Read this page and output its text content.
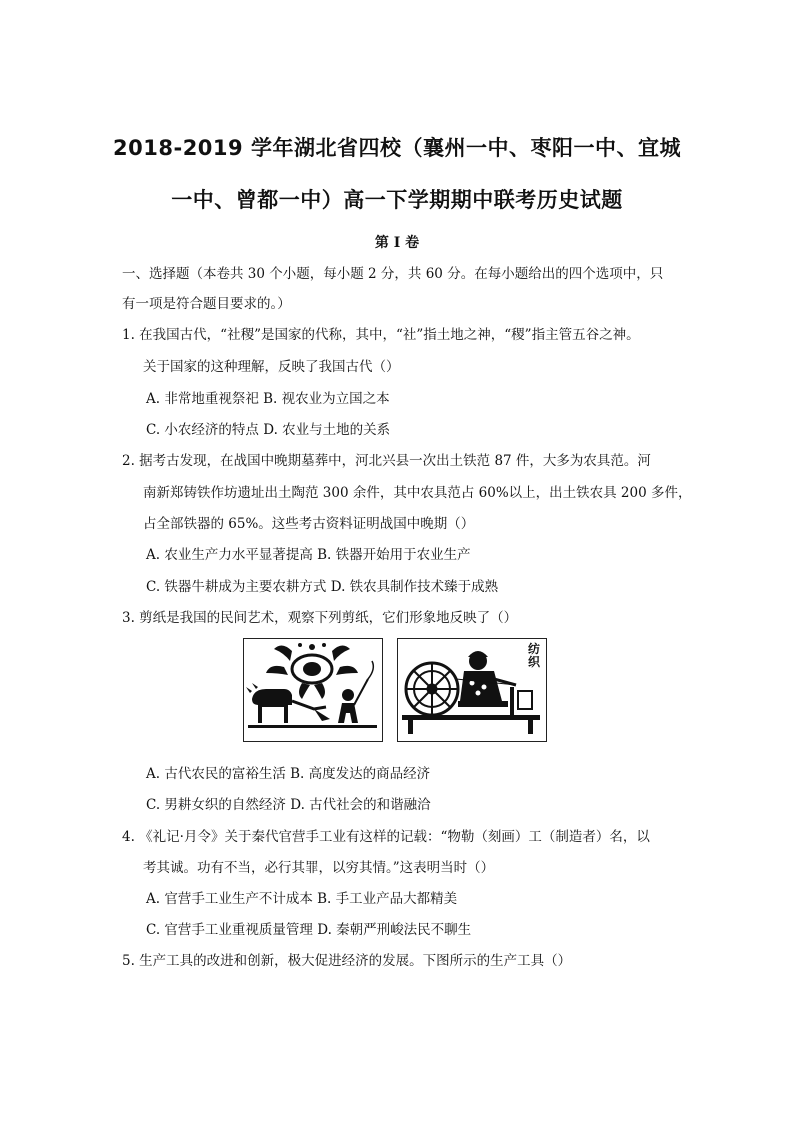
2018-2019 学年湖北省四校（襄州一中、枣阳一中、宜城
一中、曾都一中）高一下学期期中联考历史试题
第 I 卷
一、选择题（本卷共 30 个小题，每小题 2 分，共 60 分。在每小题给出的四个选项中，只
有一项是符合题目要求的。）
1. 在我国古代，“社稷”是国家的代称，其中，“社”指土地之神，“稷”指主管五谷之神。
关于国家的这种理解，反映了我国古代（）
A. 非常地重视祭祀 B. 视农业为立国之本
C. 小农经济的特点 D. 农业与土地的关系
2. 据考古发现，在战国中晚期墓葬中，河北兴县一次出土铁范 87 件，大多为农具范。河
南新郑铸铁作坊遗址出土陶范 300 余件，其中农具范占 60%以上，出土铁农具 200 多件，
占全部铁器的 65%。这些考古资料证明战国中晚期（）
A. 农业生产力水平显著提高 B. 铁器开始用于农业生产
C. 铁器牛耕成为主要农耕方式 D. 铁农具制作技术臻于成熟
3. 剪纸是我国的民间艺术，观察下列剪纸，它们形象地反映了（）
纺织
A. 古代农民的富裕生活 B. 高度发达的商品经济
C. 男耕女织的自然经济 D. 古代社会的和谐融洽
4. 《礼记·月令》关于秦代官营手工业有这样的记载：“物勒（刻画）工（制造者）名，以
考其诚。功有不当，必行其罪，以穷其情。”这表明当时（）
A. 官营手工业生产不计成本 B. 手工业产品大都精美
C. 官营手工业重视质量管理 D. 秦朝严刑峻法民不聊生
5. 生产工具的改进和创新，极大促进经济的发展。下图所示的生产工具（）
